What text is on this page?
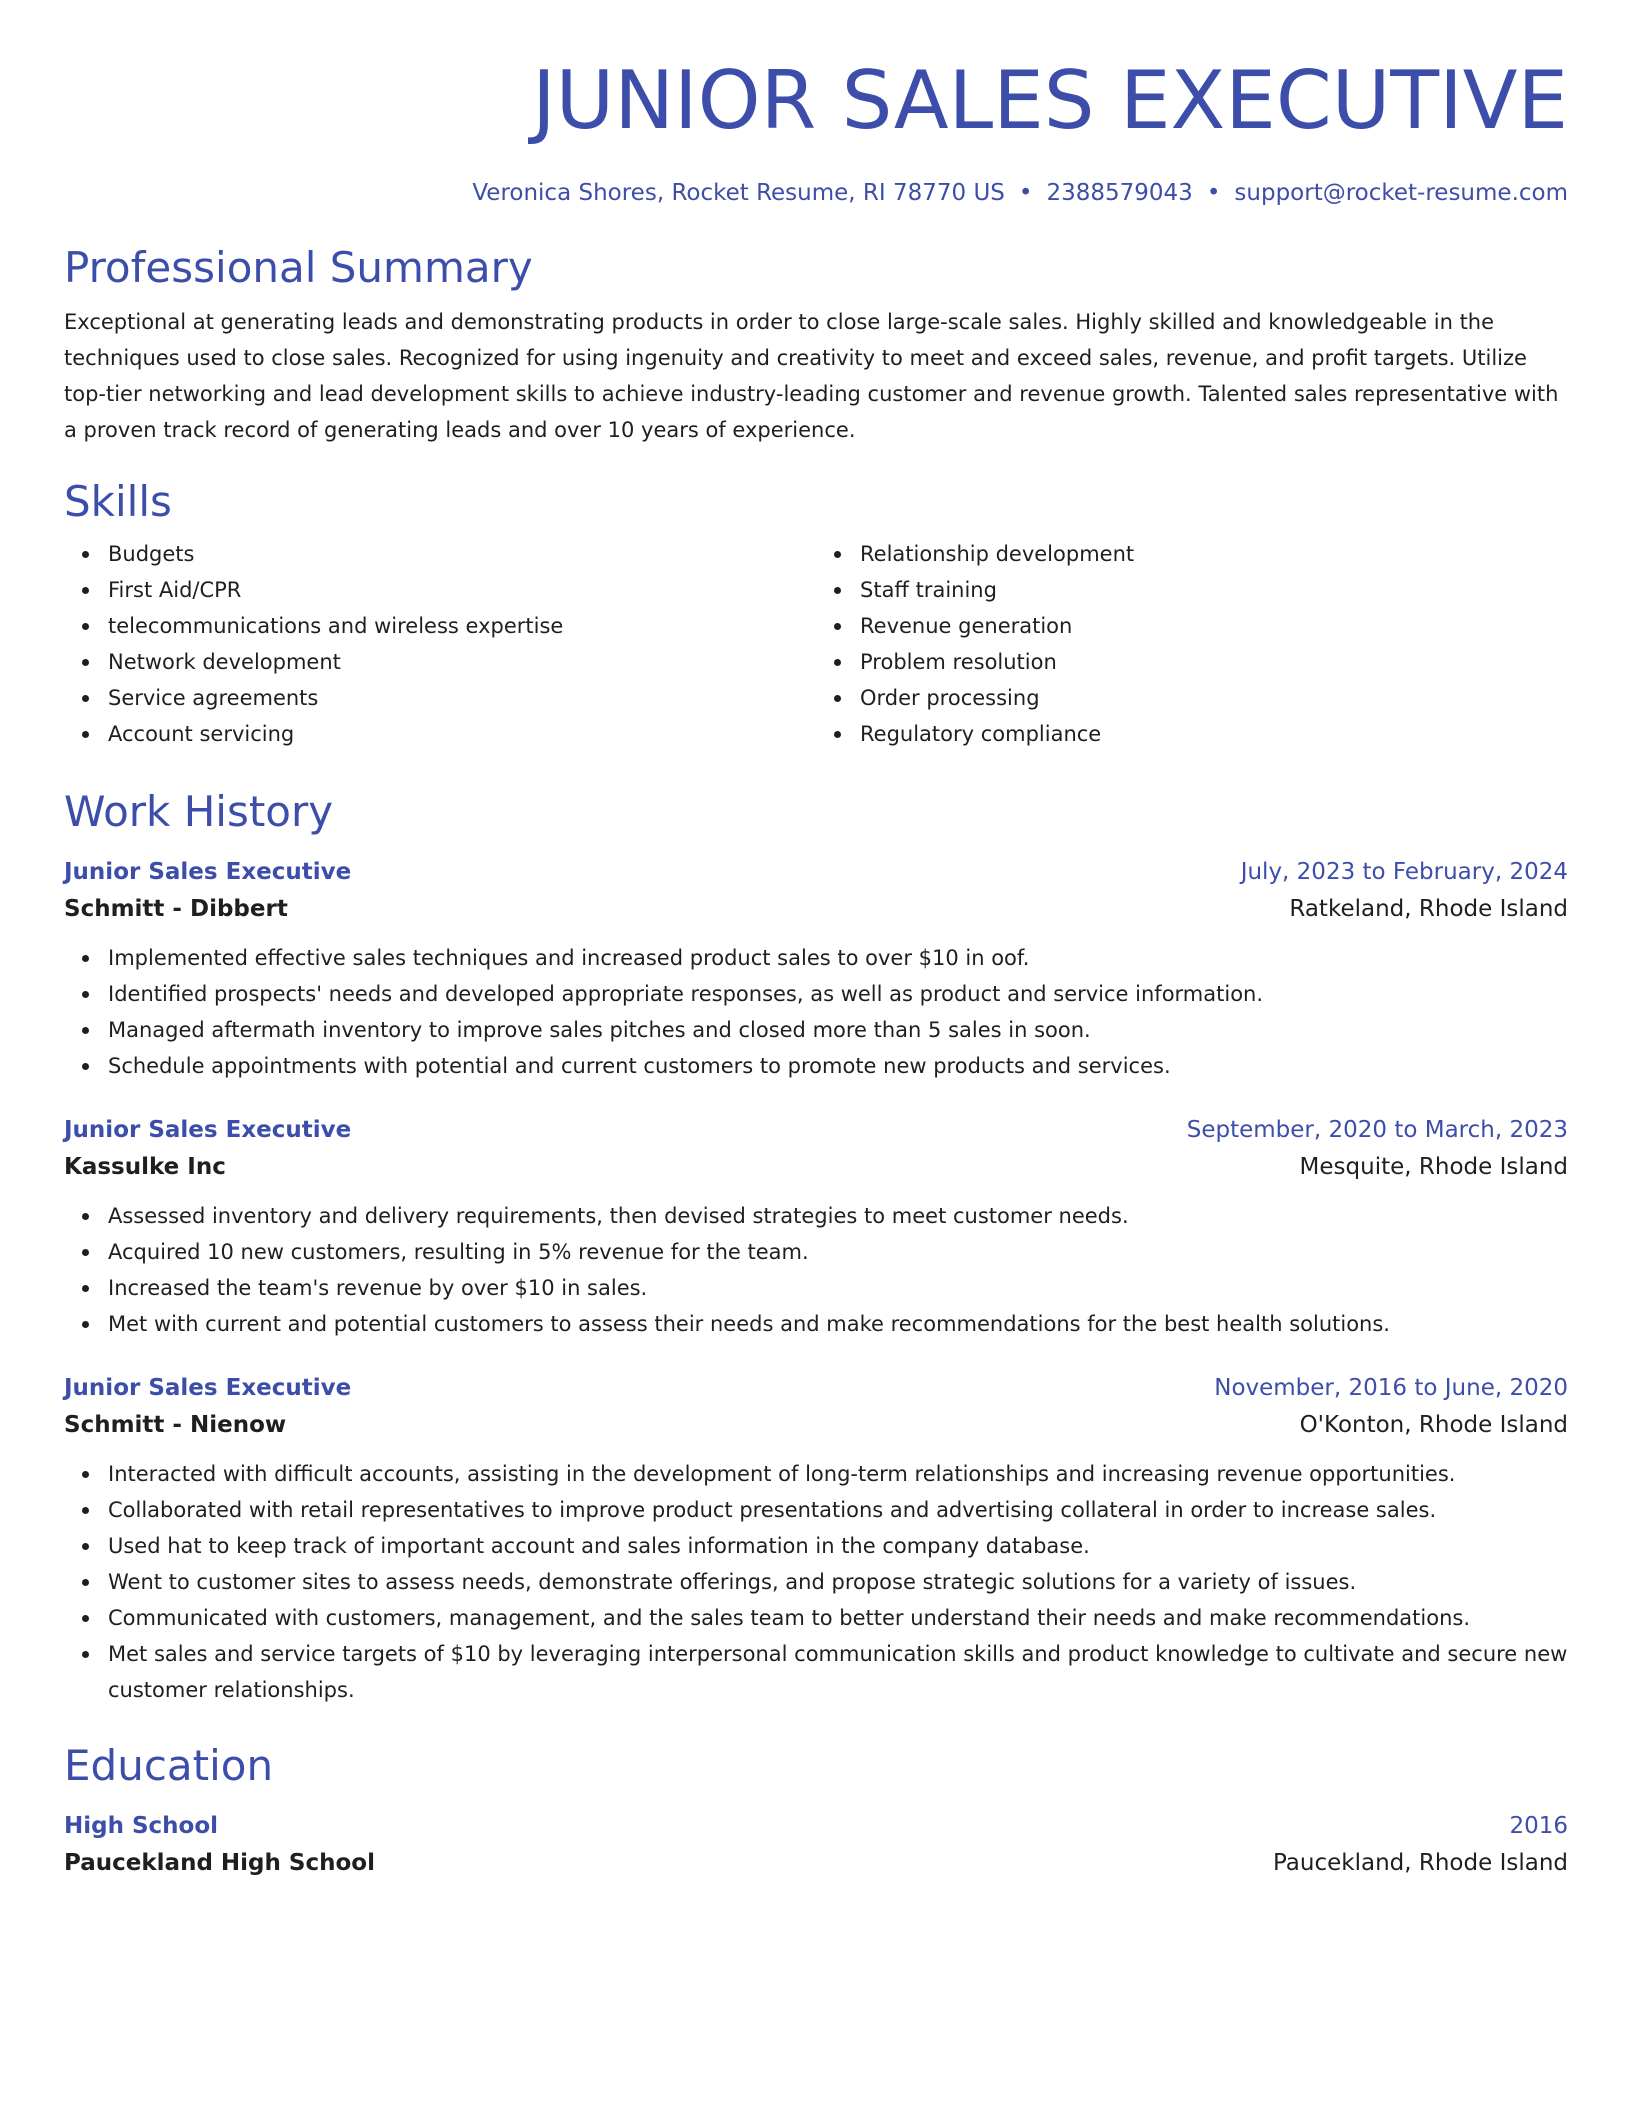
JUNIOR SALES EXECUTIVE
Veronica Shores, Rocket Resume, RI 78770 US • 2388579043 • support@rocket-resume.com
Professional Summary

Exceptional at generating leads and demonstrating products in order to close large-scale sales. Highly skilled and knowledgeable in the techniques used to close sales. Recognized for using ingenuity and creativity to meet and exceed sales, revenue, and profit targets. Utilize top-tier networking and lead development skills to achieve industry-leading customer and revenue growth. Talented sales representative with a proven track record of generating leads and over 10 years of experience.

Skills
Budgets
First Aid/CPR
telecommunications and wireless expertise
Network development
Service agreements
Account servicing
Relationship development
Staff training
Revenue generation
Problem resolution
Order processing
Regulatory compliance
Work History
Junior Sales Executive	July, 2023 to February, 2024
Schmitt - Dibbert	Ratkeland, Rhode Island
Implemented effective sales techniques and increased product sales to over $10 in oof.
Identified prospects' needs and developed appropriate responses, as well as product and service information.
Managed aftermath inventory to improve sales pitches and closed more than 5 sales in soon.
Schedule appointments with potential and current customers to promote new products and services.
Junior Sales Executive	September, 2020 to March, 2023
Kassulke Inc	Mesquite, Rhode Island
Assessed inventory and delivery requirements, then devised strategies to meet customer needs.
Acquired 10 new customers, resulting in 5% revenue for the team.
Increased the team's revenue by over $10 in sales.
Met with current and potential customers to assess their needs and make recommendations for the best health solutions.
Junior Sales Executive	November, 2016 to June, 2020
Schmitt - Nienow	O'Konton, Rhode Island
Interacted with difficult accounts, assisting in the development of long-term relationships and increasing revenue opportunities.
Collaborated with retail representatives to improve product presentations and advertising collateral in order to increase sales.
Used hat to keep track of important account and sales information in the company database.
Went to customer sites to assess needs, demonstrate offerings, and propose strategic solutions for a variety of issues.
Communicated with customers, management, and the sales team to better understand their needs and make recommendations.
Met sales and service targets of $10 by leveraging interpersonal communication skills and product knowledge to cultivate and secure new customer relationships.
Education
High School	2016
Paucekland High School	Paucekland, Rhode Island
